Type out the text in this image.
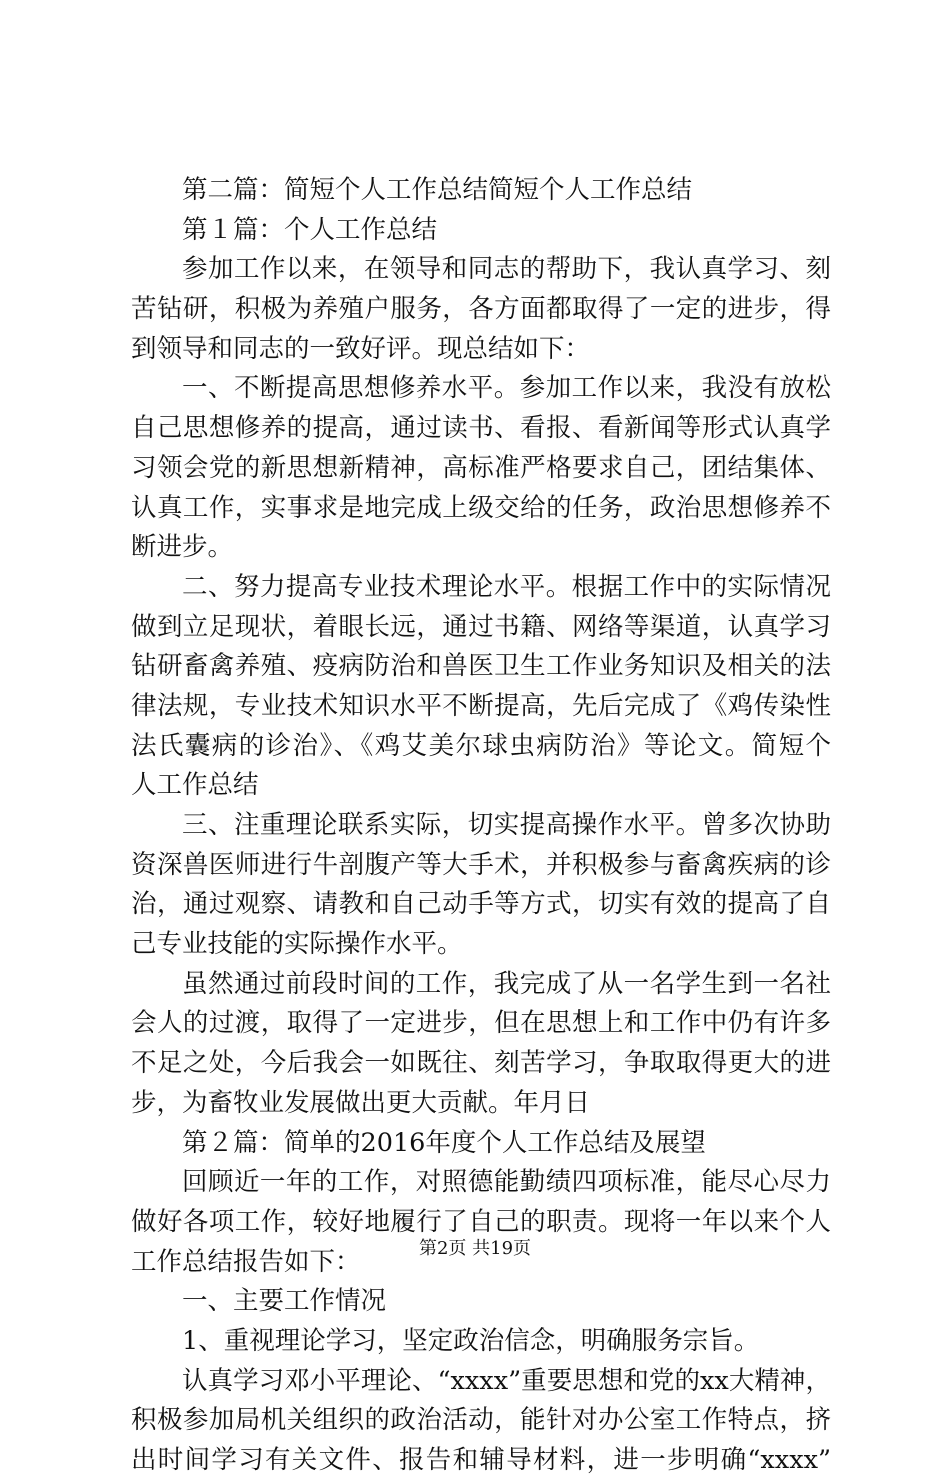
第二篇：简短个人工作总结简短个人工作总结

第１篇：个人工作总结

参加工作以来，在领导和同志的帮助下，我认真学习、刻

苦钻研，积极为养殖户服务，各方面都取得了一定的进步，得

到领导和同志的一致好评。现总结如下：

一、不断提高思想修养水平。参加工作以来，我没有放松

自己思想修养的提高，通过读书、看报、看新闻等形式认真学

习领会党的新思想新精神，高标准严格要求自己，团结集体、

认真工作，实事求是地完成上级交给的任务，政治思想修养不

断进步。

二、努力提高专业技术理论水平。根据工作中的实际情况

做到立足现状，着眼长远，通过书籍、网络等渠道，认真学习

钻研畜禽养殖、疫病防治和兽医卫生工作业务知识及相关的法

律法规，专业技术知识水平不断提高，先后完成了《鸡传染性

法氏囊病的诊治》、《鸡艾美尔球虫病防治》等论文。简短个

人工作总结

三、注重理论联系实际，切实提高操作水平。曾多次协助

资深兽医师进行牛剖腹产等大手术，并积极参与畜禽疾病的诊

治，通过观察、请教和自己动手等方式，切实有效的提高了自

己专业技能的实际操作水平。

虽然通过前段时间的工作，我完成了从一名学生到一名社

会人的过渡，取得了一定进步，但在思想上和工作中仍有许多

不足之处，今后我会一如既往、刻苦学习，争取取得更大的进

步，为畜牧业发展做出更大贡献。年月日

第２篇：简单的2016年度个人工作总结及展望

回顾近一年的工作，对照德能勤绩四项标准，能尽心尽力

做好各项工作，较好地履行了自己的职责。现将一年以来个人

工作总结报告如下：

一、主要工作情况

1、重视理论学习，坚定政治信念，明确服务宗旨。

认真学习邓小平理论、“xxxx”重要思想和党的xx大精神，

积极参加局机关组织的政治活动，能针对办公室工作特点，挤

出时间学习有关文件、报告和辅导材料，进一步明确“xxxx”

第2页 共19页
